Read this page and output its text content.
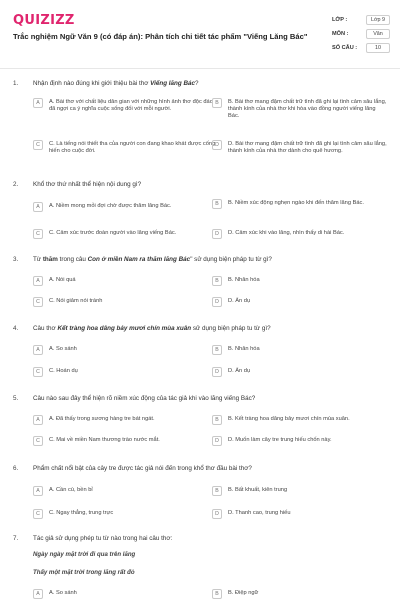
QUIZIZZ
Trắc nghiệm Ngữ Văn 9 (có đáp án): Phân tích chi tiết tác phẩm "Viếng Lăng Bác"
LỚP :	Lớp 9
MÔN :	Văn
SỐ CÂU :	10
1. Nhận định nào đúng khi giới thiệu bài thơ Viếng lăng Bác?
A	A. Bài thơ với chất liệu dân gian với những hình ảnh thơ độc đáo đã ngợi ca ý nghĩa cuộc sống đối với mỗi người.
B	B. Bài thơ mang đậm chất trữ tình đã ghi lại tình cảm sâu lắng, thành kính của nhà thơ khi hòa vào đồng người viếng lăng Bác.
C	C. Là tiếng nói thiết tha của người con đang khao khát được cống hiến cho cuộc đời.
D	D. Bài thơ mang đậm chất trữ tình đã ghi lại tình cảm sâu lắng, thành kính của nhà thơ dành cho quê hương.
2. Khổ thơ thứ nhất thể hiện nội dung gì?
A	A. Niềm mong mỏi đợi chờ được thăm lăng Bác.	B	B. Niềm xúc động nghẹn ngào khi đến thăm lăng Bác.
C	C. Cảm xúc trước đoàn người vào lăng viếng Bác.	D	D. Cảm xúc khi vào lăng, nhìn thấy di hài Bác.
3. Từ thăm trong câu Con ở miền Nam ra thăm lăng Bác" sử dụng biện pháp tu từ gì?
A	A. Nói quá	B	B. Nhân hóa
C	C. Nói giảm nói tránh	D	D. Ẩn dụ
4. Câu thơ Kết tràng hoa dâng bảy mươi chín mùa xuân sử dụng biện pháp tu từ gì?
A	A. So sánh	B	B. Nhân hóa
C	C. Hoán dụ	D	D. Ẩn dụ
5. Câu nào sau đây thể hiện rõ niềm xúc động của tác giả khi vào lăng viếng Bác?
A	A. Đã thấy trong sương hàng tre bát ngát.	B	B. Kết tràng hoa dâng bảy mươi chín mùa xuân.
C	C. Mai về miền Nam thương trào nước mắt.	D	D. Muốn làm cây tre trung hiếu chốn này.
6. Phẩm chất nổi bật của cây tre được tác giả nói đến trong khổ thơ đầu bài thơ?
A	A. Cần cù, bền bỉ	B	B. Bất khuất, kiên trung
C	C. Ngay thẳng, trung trực	D	D. Thanh cao, trung hiếu
7. Tác giả sử dụng phép tu từ nào trong hai câu thơ:
Ngày ngày mặt trời đi qua trên lăng
Thấy một mặt trời trong lăng rất đỏ
A	A. So sánh	B	B. Điệp ngữ
